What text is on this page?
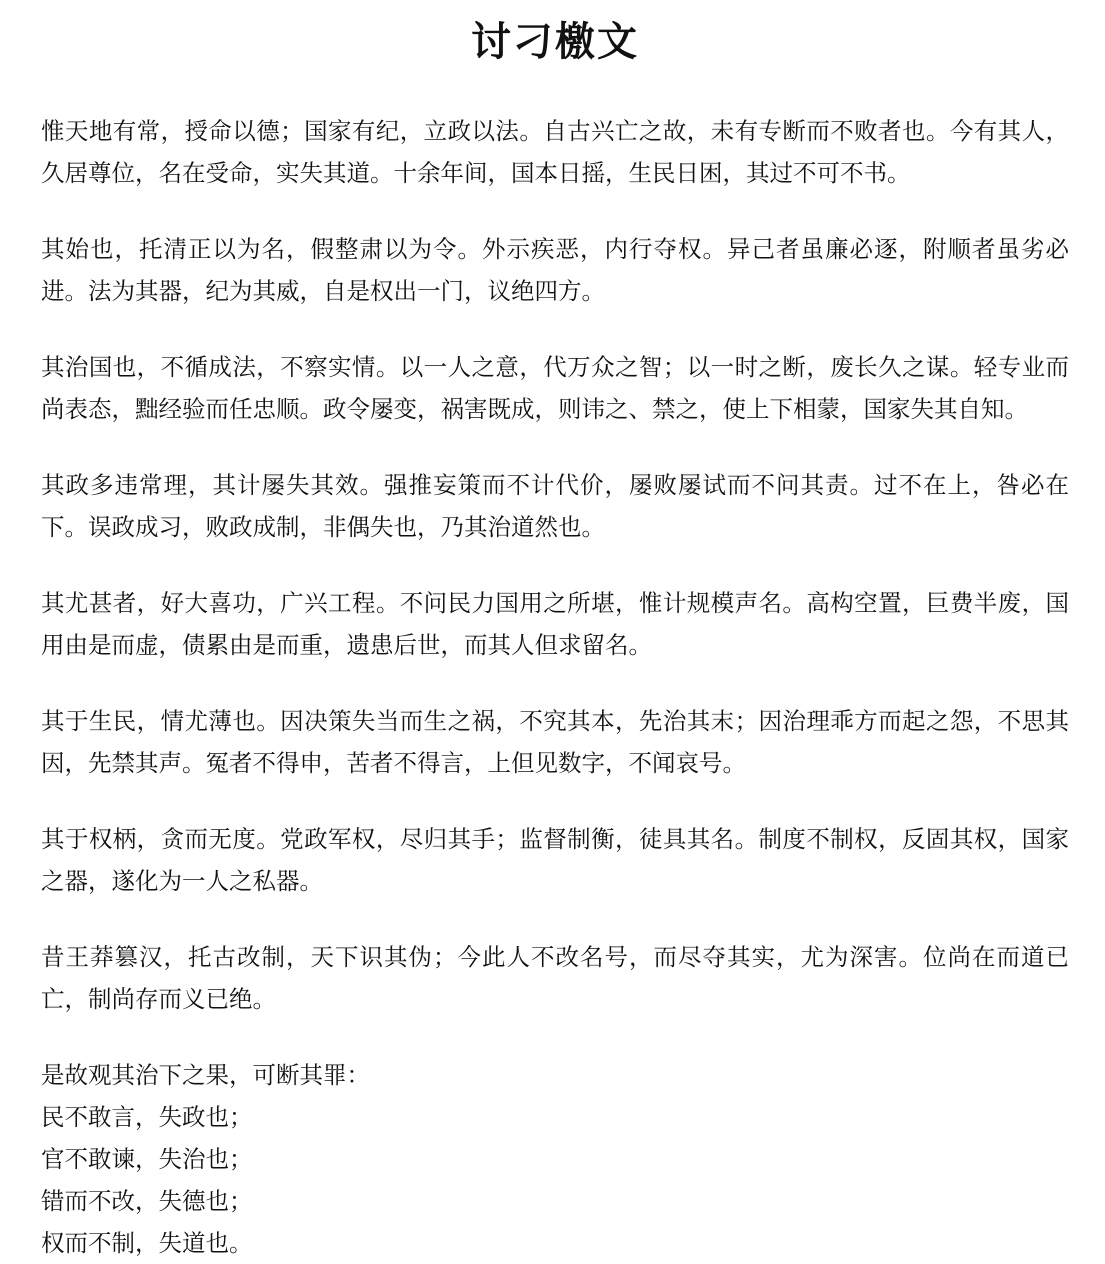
讨刁檄文

惟天地有常，授命以德；国家有纪，立政以法。自古兴亡之故，未有专断而不败者也。今有其人，久居尊位，名在受命，实失其道。十余年间，国本日摇，生民日困，其过不可不书。

其始也，托清正以为名，假整肃以为令。外示疾恶，内行夺权。异己者虽廉必逐，附顺者虽劣必进。法为其器，纪为其威，自是权出一门，议绝四方。

其治国也，不循成法，不察实情。以一人之意，代万众之智；以一时之断，废长久之谋。轻专业而尚表态，黜经验而任忠顺。政令屡变，祸害既成，则讳之、禁之，使上下相蒙，国家失其自知。

其政多违常理，其计屡失其效。强推妄策而不计代价，屡败屡试而不问其责。过不在上，咎必在下。误政成习，败政成制，非偶失也，乃其治道然也。

其尤甚者，好大喜功，广兴工程。不问民力国用之所堪，惟计规模声名。高构空置，巨费半废，国用由是而虚，债累由是而重，遗患后世，而其人但求留名。

其于生民，情尤薄也。因决策失当而生之祸，不究其本，先治其末；因治理乖方而起之怨，不思其因，先禁其声。冤者不得申，苦者不得言，上但见数字，不闻哀号。

其于权柄，贪而无度。党政军权，尽归其手；监督制衡，徒具其名。制度不制权，反固其权，国家之器，遂化为一人之私器。

昔王莽篡汉，托古改制，天下识其伪；今此人不改名号，而尽夺其实，尤为深害。位尚在而道已亡，制尚存而义已绝。

是故观其治下之果，可断其罪：
民不敢言，失政也；
官不敢谏，失治也；
错而不改，失德也；
权而不制，失道也。
